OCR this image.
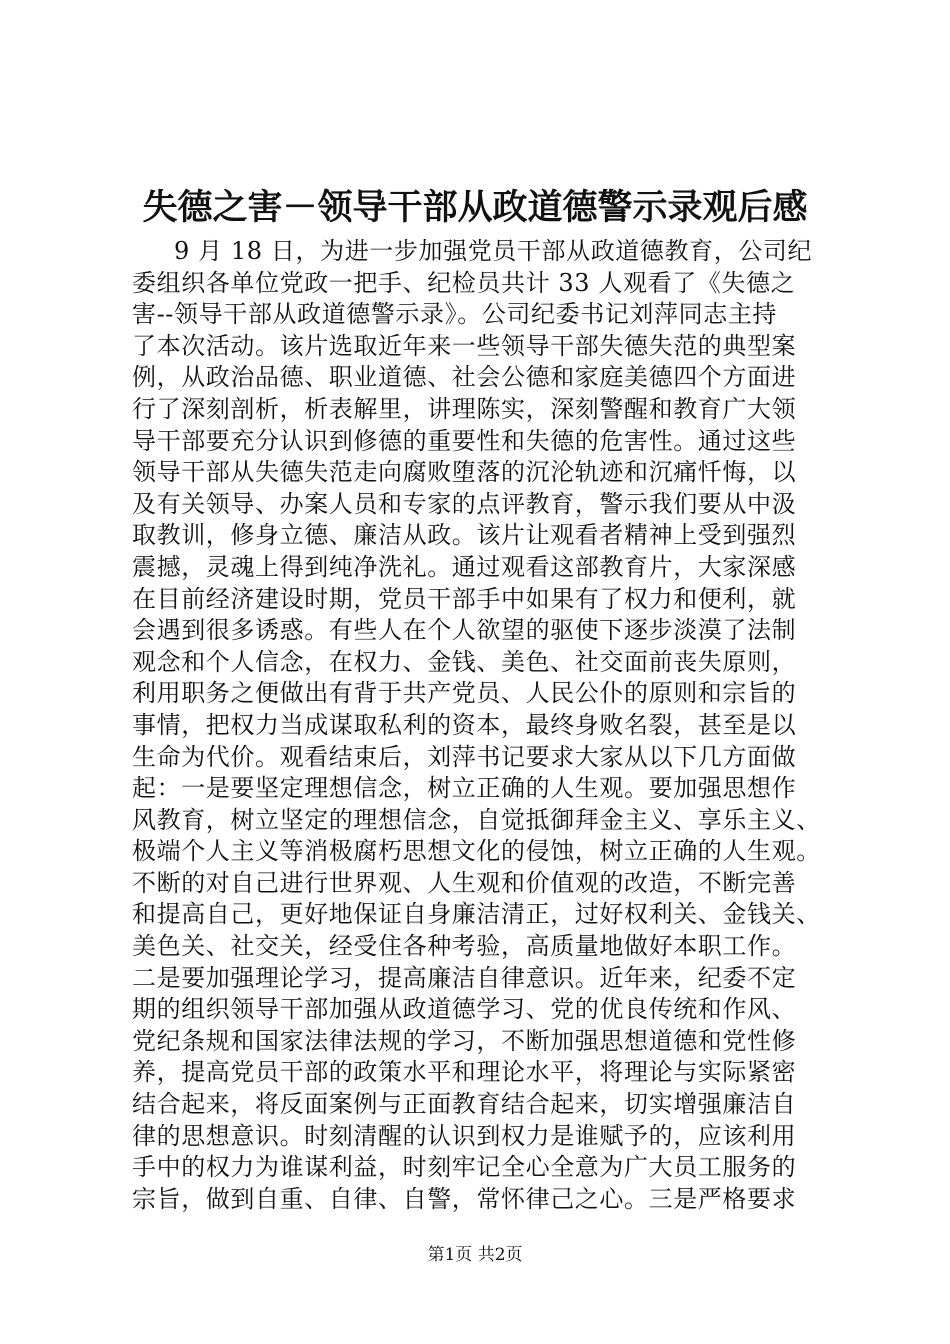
失德之害－领导干部从政道德警示录观后感
9 月 18 日，为进一步加强党员干部从政道德教育，公司纪
委组织各单位党政一把手、纪检员共计 33 人观看了《失德之
害--领导干部从政道德警示录》。公司纪委书记刘萍同志主持
了本次活动。该片选取近年来一些领导干部失德失范的典型案
例，从政治品德、职业道德、社会公德和家庭美德四个方面进
行了深刻剖析，析表解里，讲理陈实，深刻警醒和教育广大领
导干部要充分认识到修德的重要性和失德的危害性。通过这些
领导干部从失德失范走向腐败堕落的沉沦轨迹和沉痛忏悔，以
及有关领导、办案人员和专家的点评教育，警示我们要从中汲
取教训，修身立德、廉洁从政。该片让观看者精神上受到强烈
震撼，灵魂上得到纯净洗礼。通过观看这部教育片，大家深感
在目前经济建设时期，党员干部手中如果有了权力和便利，就
会遇到很多诱惑。有些人在个人欲望的驱使下逐步淡漠了法制
观念和个人信念，在权力、金钱、美色、社交面前丧失原则，
利用职务之便做出有背于共产党员、人民公仆的原则和宗旨的
事情，把权力当成谋取私利的资本，最终身败名裂，甚至是以
生命为代价。观看结束后，刘萍书记要求大家从以下几方面做
起：一是要坚定理想信念，树立正确的人生观。要加强思想作
风教育，树立坚定的理想信念，自觉抵御拜金主义、享乐主义、
极端个人主义等消极腐朽思想文化的侵蚀，树立正确的人生观。
不断的对自己进行世界观、人生观和价值观的改造，不断完善
和提高自己，更好地保证自身廉洁清正，过好权利关、金钱关、
美色关、社交关，经受住各种考验，高质量地做好本职工作。
二是要加强理论学习，提高廉洁自律意识。近年来，纪委不定
期的组织领导干部加强从政道德学习、党的优良传统和作风、
党纪条规和国家法律法规的学习，不断加强思想道德和党性修
养，提高党员干部的政策水平和理论水平，将理论与实际紧密
结合起来，将反面案例与正面教育结合起来，切实增强廉洁自
律的思想意识。时刻清醒的认识到权力是谁赋予的，应该利用
手中的权力为谁谋利益，时刻牢记全心全意为广大员工服务的
宗旨，做到自重、自律、自警，常怀律己之心。三是严格要求
第1页 共2页
